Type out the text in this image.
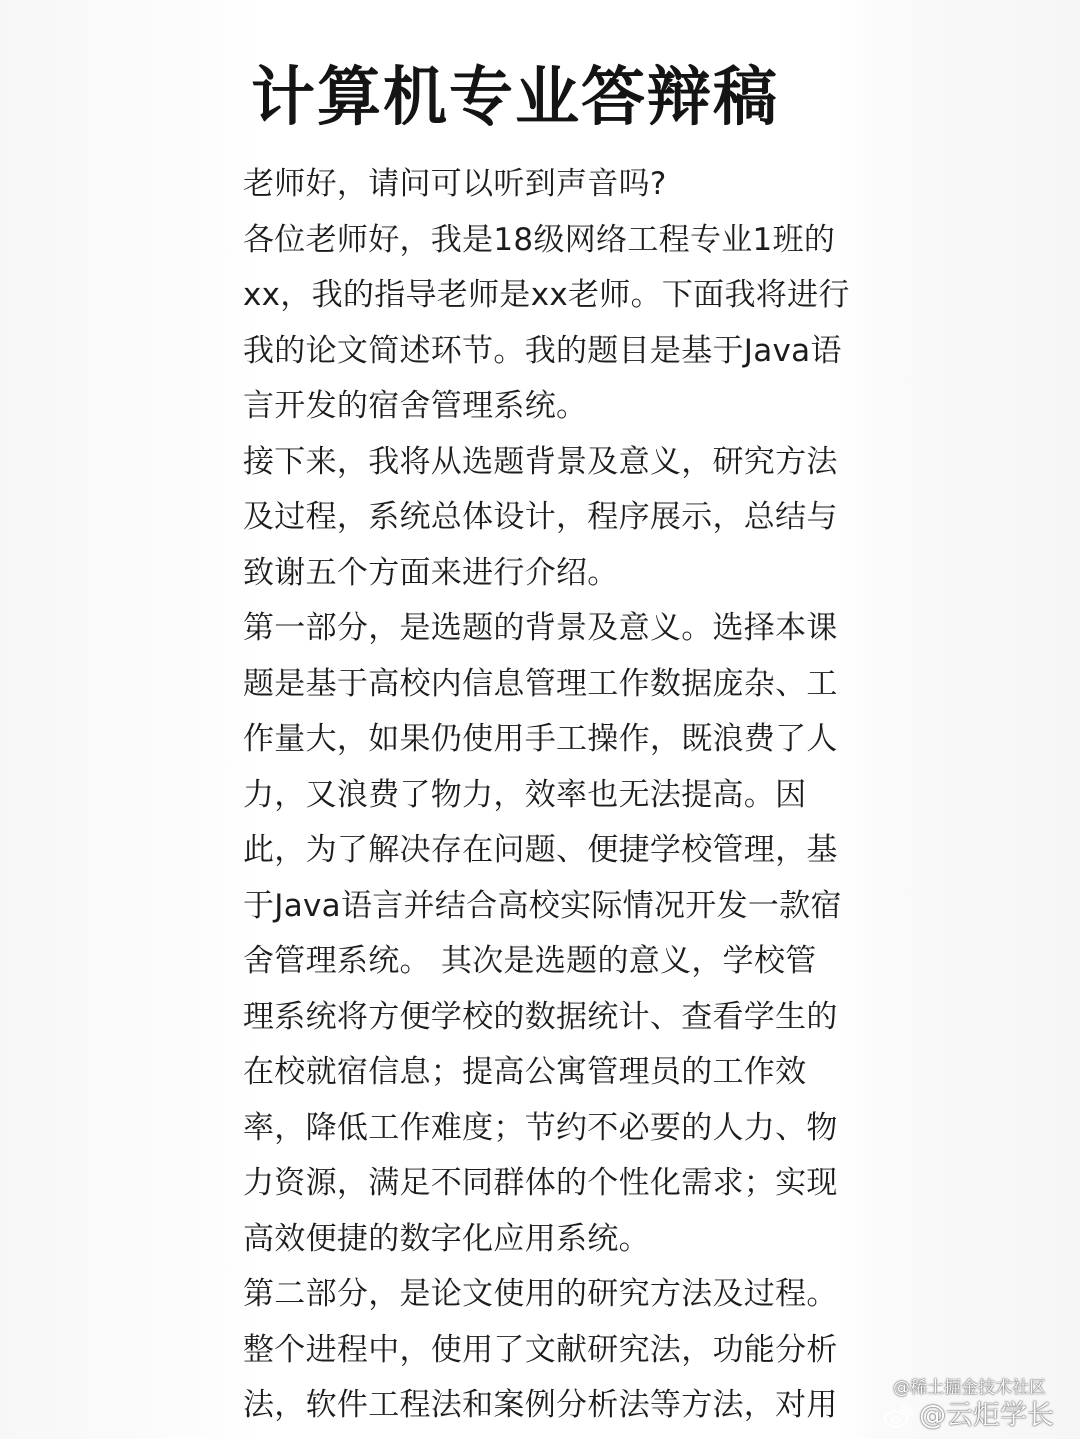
计算机专业答辩稿
老师好，请问可以听到声音吗?
各位老师好，我是18级网络工程专业1班的
xx，我的指导老师是xx老师。下面我将进行
我的论文简述环节。我的题目是基于Java语
言开发的宿舍管理系统。
接下来，我将从选题背景及意义，研究方法
及过程，系统总体设计，程序展示，总结与
致谢五个方面来进行介绍。
第一部分，是选题的背景及意义。选择本课
题是基于高校内信息管理工作数据庞杂、工
作量大，如果仍使用手工操作，既浪费了人
力，又浪费了物力，效率也无法提高。因
此，为了解决存在问题、便捷学校管理，基
于Java语言并结合高校实际情况开发一款宿
舍管理系统。 其次是选题的意义，学校管
理系统将方便学校的数据统计、查看学生的
在校就宿信息；提高公寓管理员的工作效
率，降低工作难度；节约不必要的人力、物
力资源，满足不同群体的个性化需求；实现
高效便捷的数字化应用系统。
第二部分，是论文使用的研究方法及过程。
整个进程中，使用了文献研究法，功能分析
法，软件工程法和案例分析法等方法，对用	@稀土掘金技术社区
@云炬学长
